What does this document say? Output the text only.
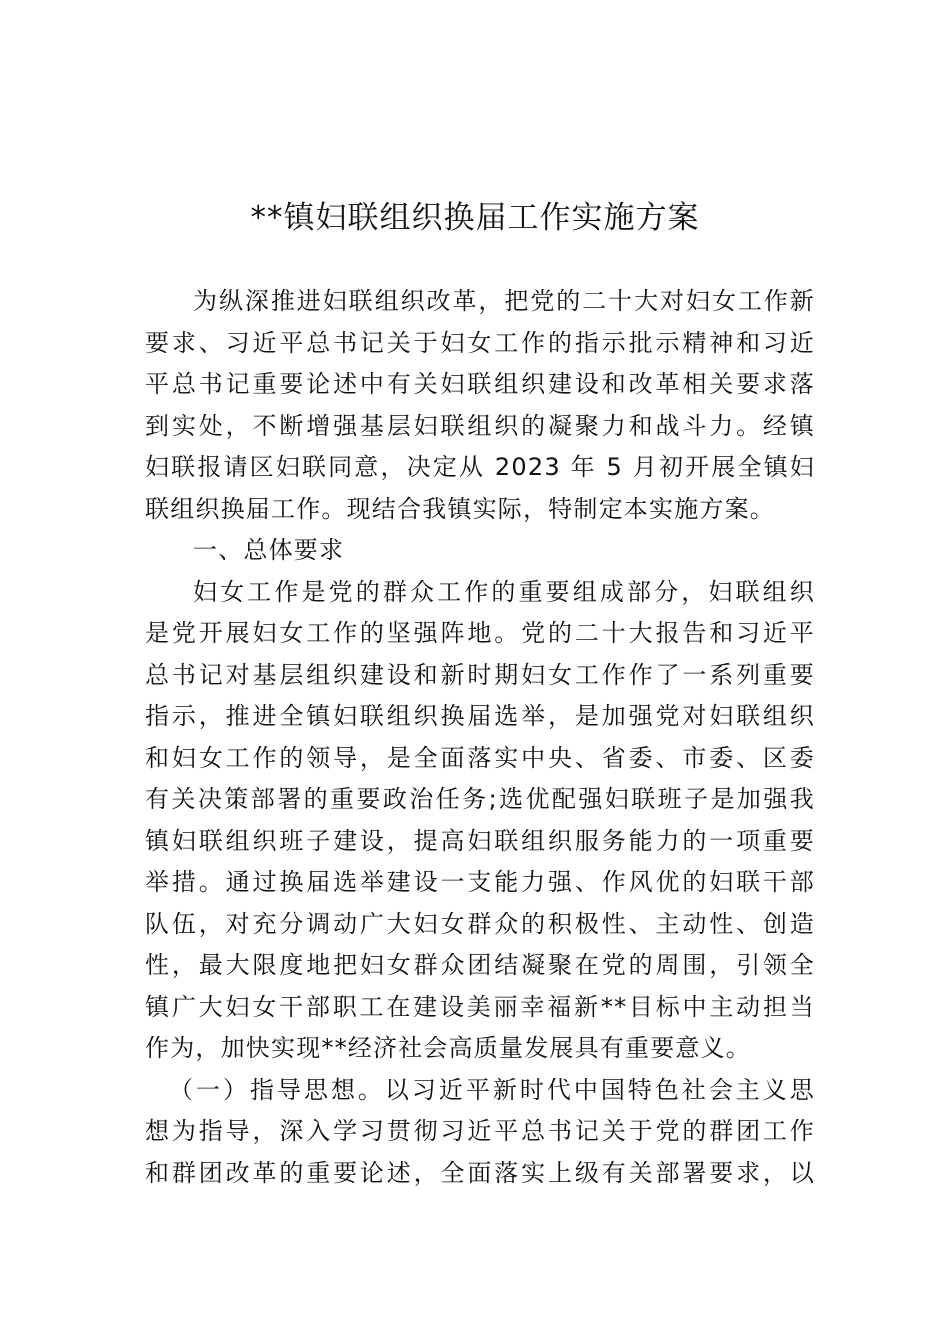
**镇妇联组织换届工作实施方案
为纵深推进妇联组织改革，把党的二十大对妇女工作新
要求、习近平总书记关于妇女工作的指示批示精神和习近
平总书记重要论述中有关妇联组织建设和改革相关要求落
到实处，不断增强基层妇联组织的凝聚力和战斗力。经镇
妇联报请区妇联同意，决定从 2023 年 5 月初开展全镇妇
联组织换届工作。现结合我镇实际，特制定本实施方案。
一、总体要求
妇女工作是党的群众工作的重要组成部分，妇联组织
是党开展妇女工作的坚强阵地。党的二十大报告和习近平
总书记对基层组织建设和新时期妇女工作作了一系列重要
指示，推进全镇妇联组织换届选举，是加强党对妇联组织
和妇女工作的领导，是全面落实中央、省委、市委、区委
有关决策部署的重要政治任务;选优配强妇联班子是加强我
镇妇联组织班子建设，提高妇联组织服务能力的一项重要
举措。通过换届选举建设一支能力强、作风优的妇联干部
队伍，对充分调动广大妇女群众的积极性、主动性、创造
性，最大限度地把妇女群众团结凝聚在党的周围，引领全
镇广大妇女干部职工在建设美丽幸福新**目标中主动担当
作为，加快实现**经济社会高质量发展具有重要意义。
（一）指导思想。以习近平新时代中国特色社会主义思
想为指导，深入学习贯彻习近平总书记关于党的群团工作
和群团改革的重要论述，全面落实上级有关部署要求，以
